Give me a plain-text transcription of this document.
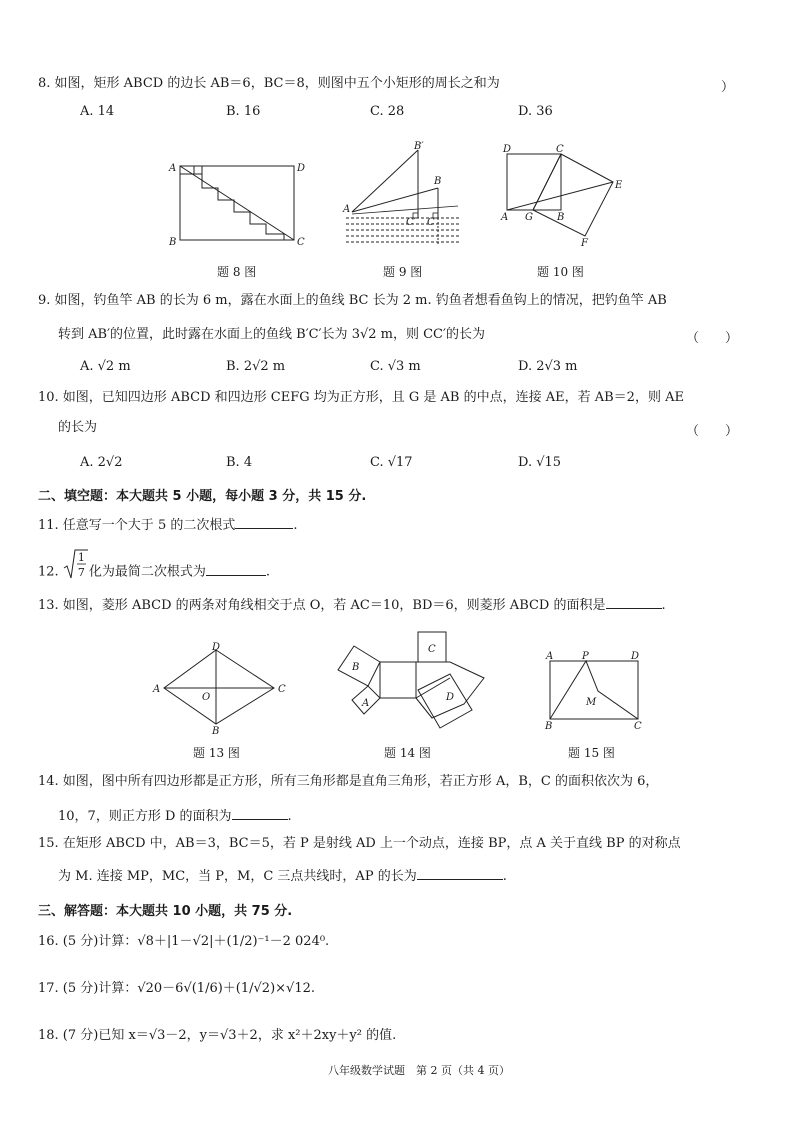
8. 如图，矩形 ABCD 的边长 AB＝6，BC＝8，则图中五个小矩形的周长之和为	）
A. 14	B. 16	C. 28	D. 36
A	D
B	C
题 8 图
B′
B
A
C′ C
题 9 图
D	C
E
A G B
F
题 10 图
9. 如图，钓鱼竿 AB 的长为 6 m，露在水面上的鱼线 BC 长为 2 m. 钓鱼者想看鱼钩上的情况，把钓鱼竿 AB
转到 AB′的位置，此时露在水面上的鱼线 B′C′长为 3√2 m，则 CC′的长为	（　　）
A. √2 m	B. 2√2 m	C. √3 m	D. 2√3 m
10. 如图，已知四边形 ABCD 和四边形 CEFG 均为正方形，且 G 是 AB 的中点，连接 AE，若 AB＝2，则 AE
的长为	（　　）
A. 2√2	B. 4	C. √17	D. √15
二、填空题：本大题共 5 小题，每小题 3 分，共 15 分.
11. 任意写一个大于 5 的二次根式	.
12.
1
7 化为最简二次根式为	.
13. 如图，菱形 ABCD 的两条对角线相交于点 O，若 AC＝10，BD＝6，则菱形 ABCD 的面积是	.
D
A
O
C
B
题 13 图
C
B
D
A
题 14 图
A	P	D
M
B	C
题 15 图
14. 如图，图中所有四边形都是正方形，所有三角形都是直角三角形，若正方形 A，B，C 的面积依次为 6，
10，7，则正方形 D 的面积为	.
15. 在矩形 ABCD 中，AB＝3，BC＝5，若 P 是射线 AD 上一个动点，连接 BP，点 A 关于直线 BP 的对称点
为 M. 连接 MP，MC，当 P，M，C 三点共线时，AP 的长为	.
三、解答题：本大题共 10 小题，共 75 分.
16. (5 分)计算：√8＋|1－√2|＋(1/2)⁻¹－2 024⁰.
17. (5 分)计算：√20－6√(1/6)＋(1/√2)×√12.
18. (7 分)已知 x＝√3－2，y＝√3＋2，求 x²＋2xy＋y² 的值.
八年级数学试题　第 2 页（共 4 页）
